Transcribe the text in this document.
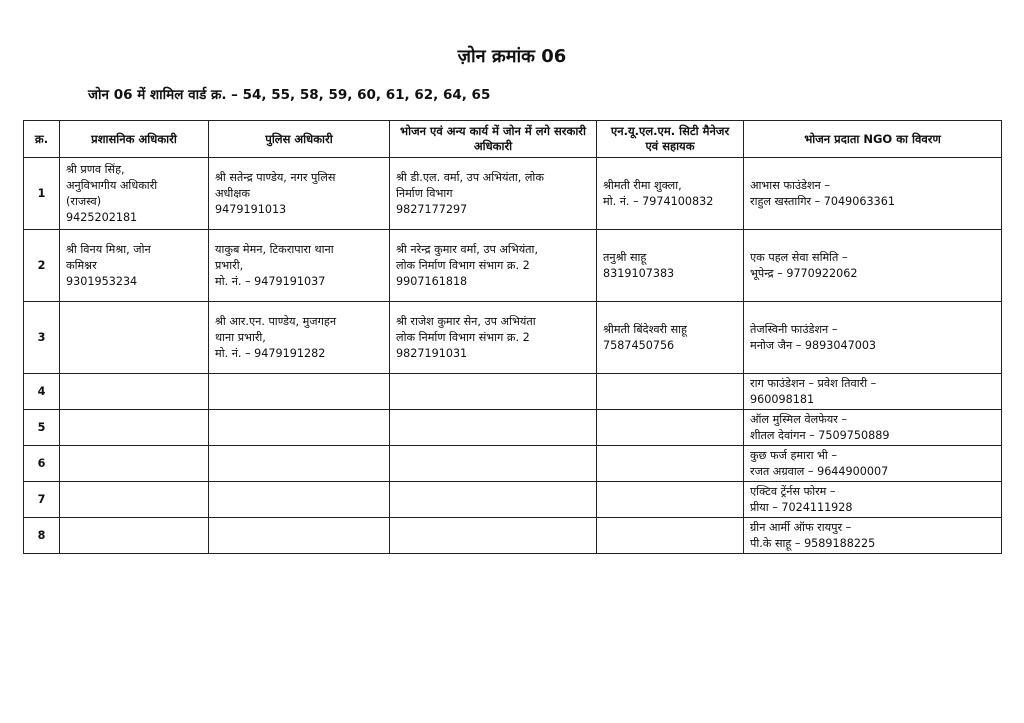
ज़ोन क्रमांक 06
जोन 06 में शामिल वार्ड क्र. – 54, 55, 58, 59, 60, 61, 62, 64, 65
क्र.	प्रशासनिक अधिकारी	पुलिस अधिकारी	भोजन एवं अन्य कार्य में जोन में लगे सरकारी अधिकारी	एन.यू.एल.एम. सिटी मैनेजर एवं सहायक	भोजन प्रदाता NGO का विवरण
1	श्री प्रणव सिंह,
अनुविभागीय अधिकारी
(राजस्व)
9425202181	श्री सतेन्द्र पाण्डेय, नगर पुलिस
अधीक्षक
9479191013	श्री डी.एल. वर्मा, उप अभियंता, लोक
निर्माण विभाग
9827177297	श्रीमती रीमा शुक्ला,
मो. नं. – 7974100832	आभास फाउंडेशन –
राहुल खस्तागिर – 7049063361

2	श्री विनय मिश्रा, जोन
कमिश्नर
9301953234	याकुब मेमन, टिकरापारा थाना
प्रभारी,
मो. नं. – 9479191037	श्री नरेन्द्र कुमार वर्मा, उप अभियंता,
लोक निर्माण विभाग संभाग क्र. 2
9907161818	तनुश्री साहू
8319107383	एक पहल सेवा समिति –
भूपेन्द्र – 9770922062

3		श्री आर.एन. पाण्डेय, मुजगहन
थाना प्रभारी,
मो. नं. – 9479191282	श्री राजेश कुमार सेन, उप अभियंता
लोक निर्माण विभाग संभाग क्र. 2
9827191031	श्रीमती बिंदेश्वरी साहू
7587450756	तेजस्विनी फाउंडेशन –
मनोज जैन – 9893047003

4					राग फाउंडेशन – प्रवेश तिवारी –
960098181

5					ऑल मुस्मिल वेलफेयर –
शीतल देवांगन – 7509750889

6					कुछ फर्ज हमारा भी –
रजत अग्रवाल – 9644900007

7					एक्टिव ट्रेंर्नस फोरम –
प्रीया – 7024111928

8					ग्रीन आर्मी ऑफ रायपुर –
पी.के साहू – 9589188225
